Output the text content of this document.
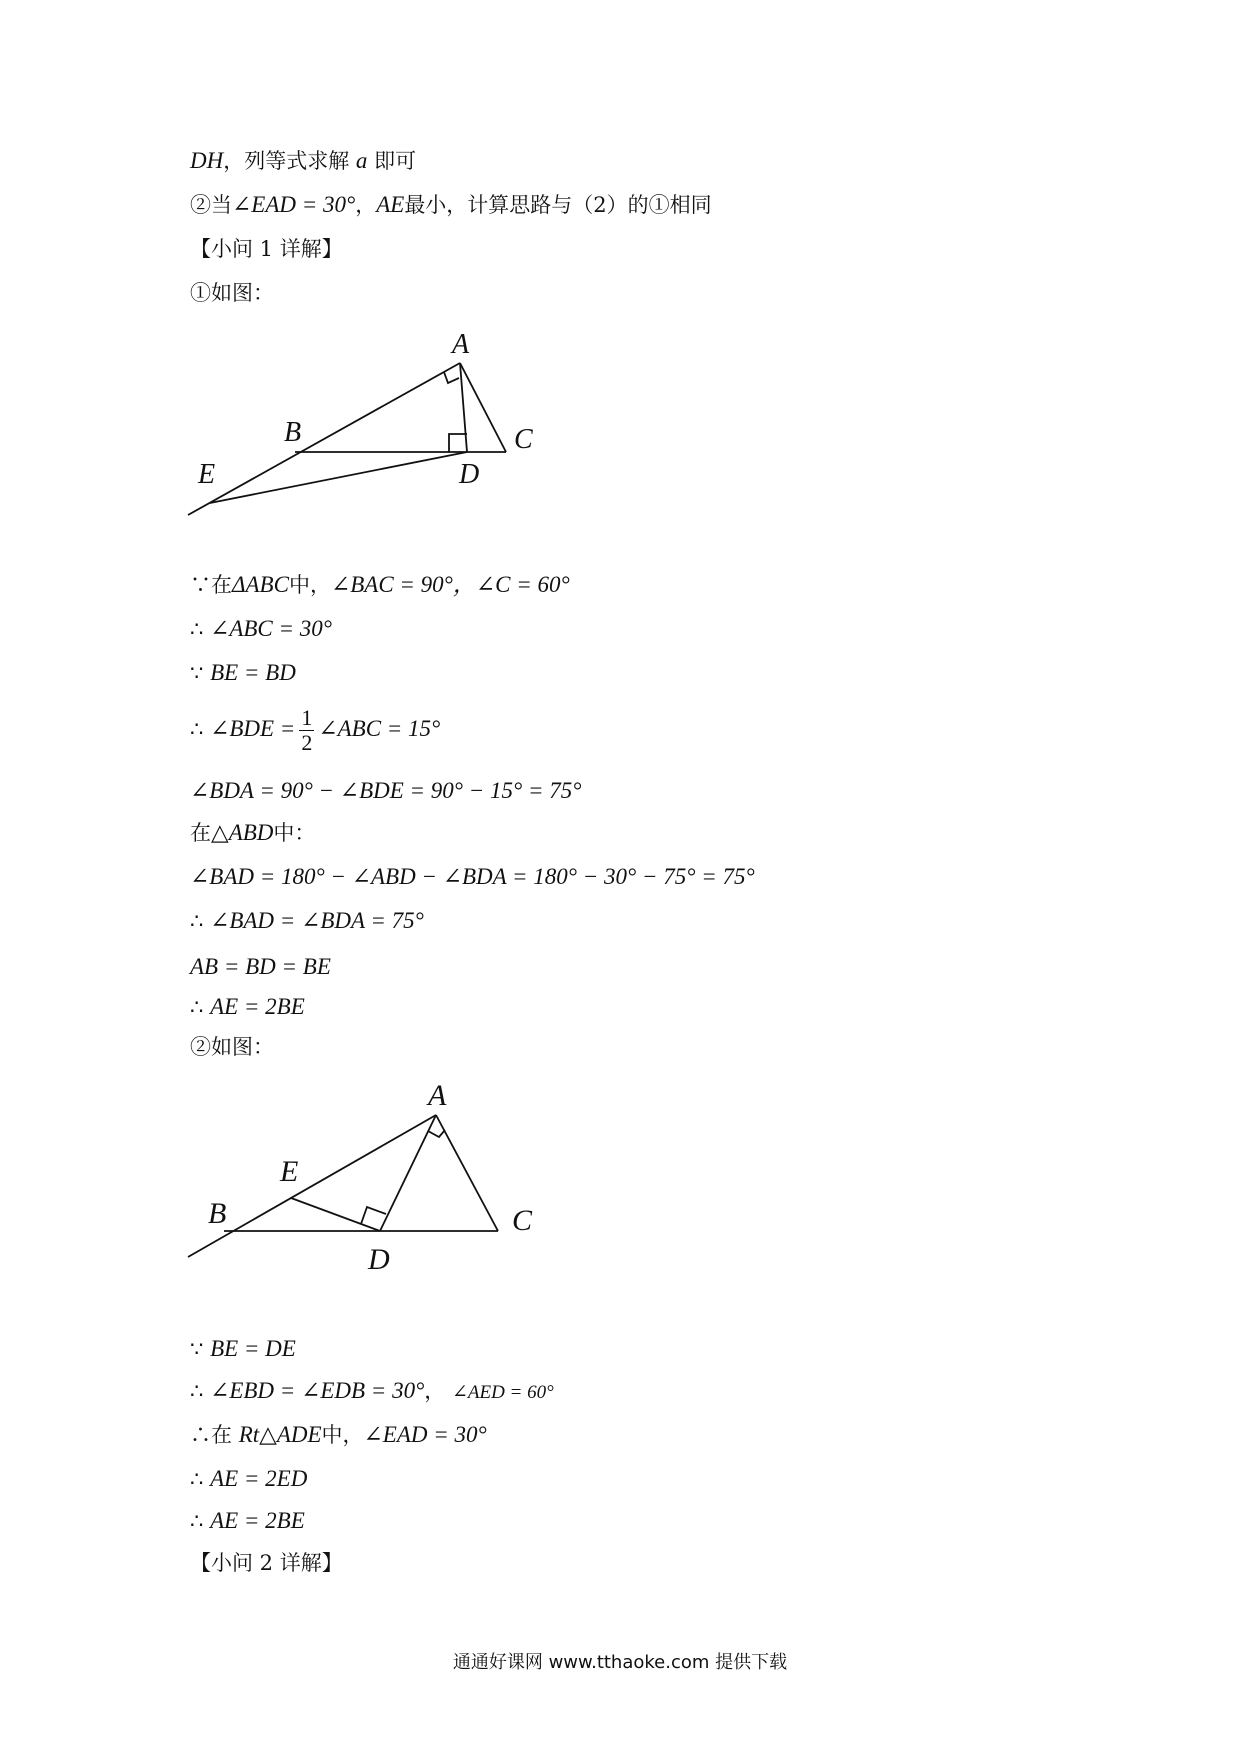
DH，列等式求解 a 即可
②当∠EAD = 30°，AE最小，计算思路与（2）的①相同
【小问 1 详解】
①如图：
A
B	C
D
E
∵在ΔABC中，∠BAC = 90°，∠C = 60°
∴ ∠ABC = 30°
∵ BE = BD
∴ ∠BDE = $\frac{1}{2}$ ∠ABC = 15°
∠BDA = 90° − ∠BDE = 90° − 15° = 75°
在△ABD中：
∠BAD = 180° − ∠ABD − ∠BDA = 180° − 30° − 75° = 75°
∴ ∠BAD = ∠BDA = 75°
AB = BD = BE
∴ AE = 2BE
②如图：
A
B	C
D
E
∵ BE = DE
∴ ∠EBD = ∠EDB = 30°， ∠AED = 60°
∴在 Rt△ADE中，∠EAD = 30°
∴ AE = 2ED
∴ AE = 2BE
【小问 2 详解】
通通好课网 www.tthaoke.com 提供下载
